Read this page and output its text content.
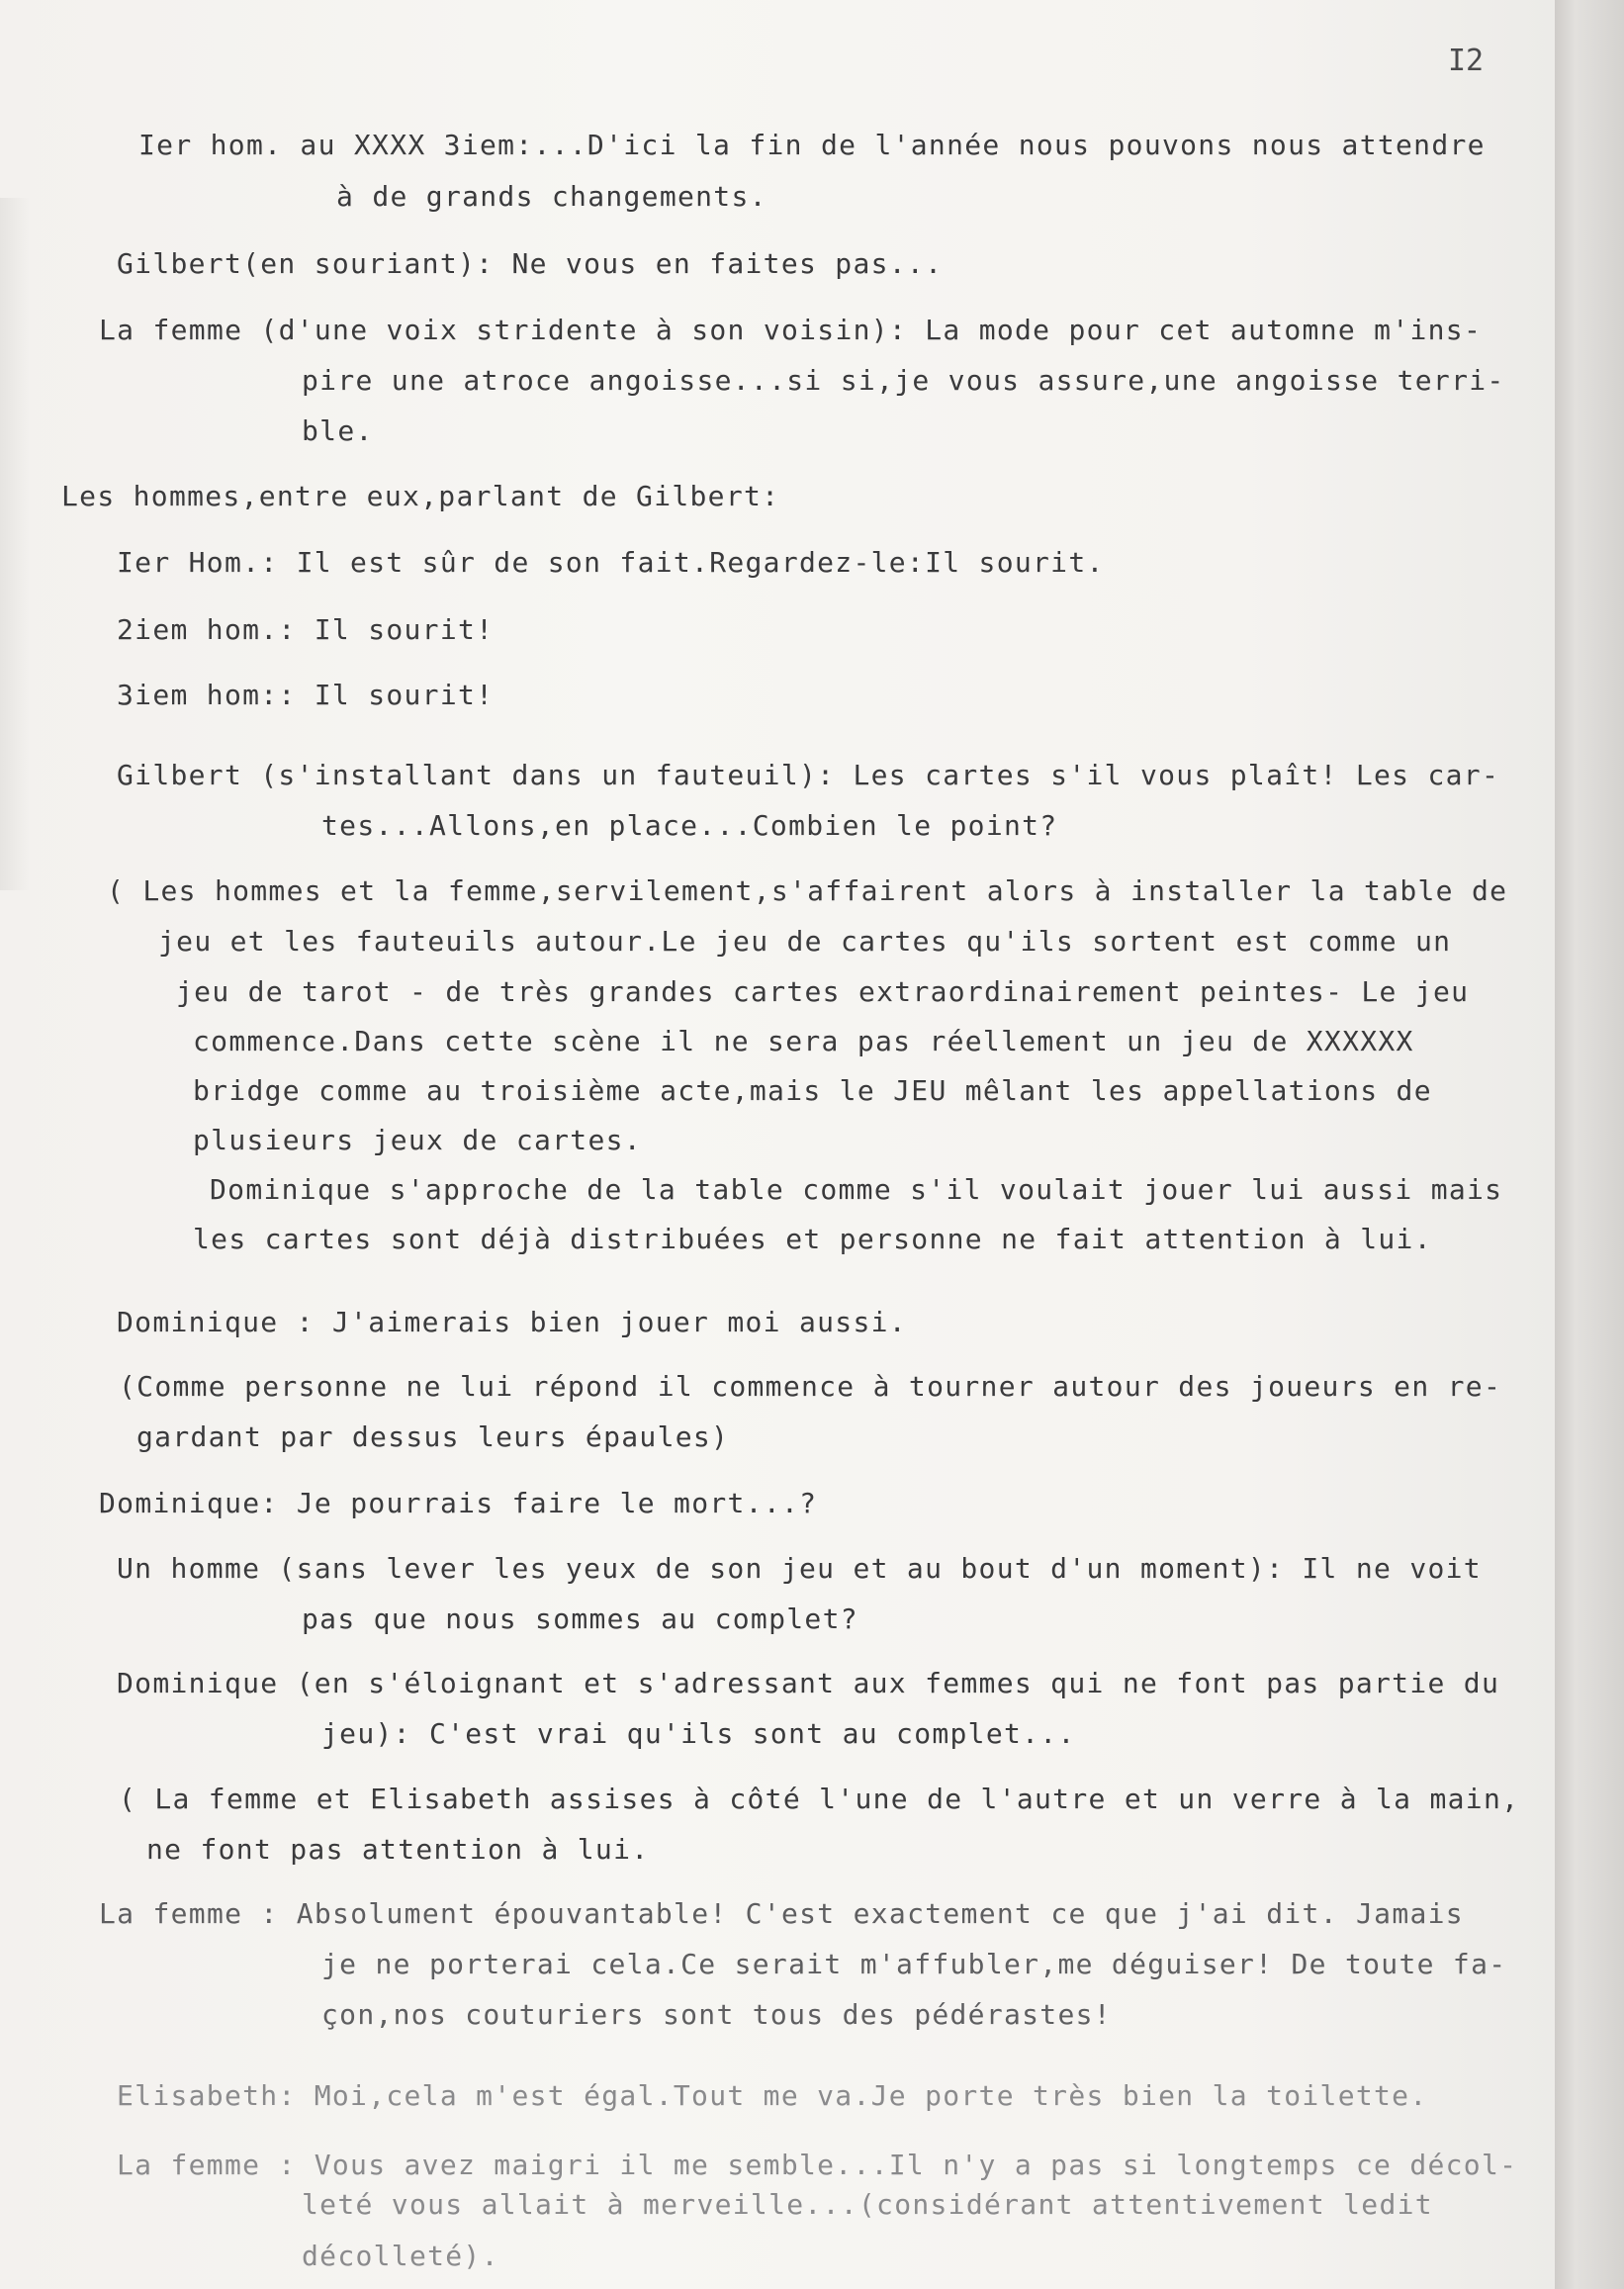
I2

Ier hom. au XXXX 3iem:...D'ici la fin de l'année nous pouvons nous attendre

à de grands changements.

Gilbert(en souriant): Ne vous en faites pas...

La femme (d'une voix stridente à son voisin): La mode pour cet automne m'ins-

pire une atroce angoisse...si si,je vous assure,une angoisse terri-

ble.

Les hommes,entre eux,parlant de Gilbert:

Ier Hom.: Il est sûr de son fait.Regardez-le:Il sourit.

2iem hom.: Il sourit!

3iem hom:: Il sourit!

Gilbert (s'installant dans un fauteuil): Les cartes s'il vous plaît! Les car-

tes...Allons,en place...Combien le point?

( Les hommes et la femme,servilement,s'affairent alors à installer la table de

jeu et les fauteuils autour.Le jeu de cartes qu'ils sortent est comme un

jeu de tarot - de très grandes cartes extraordinairement peintes- Le jeu

commence.Dans cette scène il ne sera pas réellement un jeu de XXXXXX

bridge comme au troisième acte,mais le JEU mêlant les appellations de

plusieurs jeux de cartes.

Dominique s'approche de la table comme s'il voulait jouer lui aussi mais

les cartes sont déjà distribuées et personne ne fait attention à lui.

Dominique : J'aimerais bien jouer moi aussi.

(Comme personne ne lui répond il commence à tourner autour des joueurs en re-

gardant par dessus leurs épaules)

Dominique: Je pourrais faire le mort...?

Un homme (sans lever les yeux de son jeu et au bout d'un moment): Il ne voit

pas que nous sommes au complet?

Dominique (en s'éloignant et s'adressant aux femmes qui ne font pas partie du

jeu): C'est vrai qu'ils sont au complet...

( La femme et Elisabeth assises à côté l'une de l'autre et un verre à la main,

ne font pas attention à lui.

La femme : Absolument épouvantable! C'est exactement ce que j'ai dit. Jamais

je ne porterai cela.Ce serait m'affubler,me déguiser! De toute fa-

çon,nos couturiers sont tous des pédérastes!

Elisabeth: Moi,cela m'est égal.Tout me va.Je porte très bien la toilette.

La femme : Vous avez maigri il me semble...Il n'y a pas si longtemps ce décol-

leté vous allait à merveille...(considérant attentivement ledit

décolleté).
